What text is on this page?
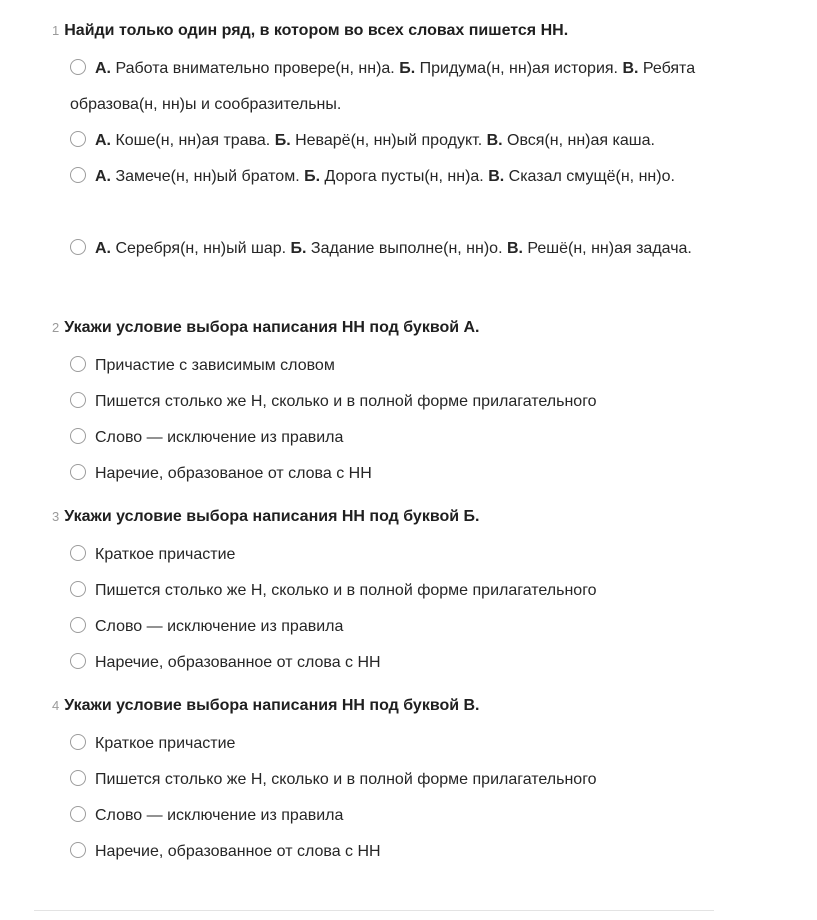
1 Найди только один ряд, в котором во всех словах пишется НН.
А. Работа внимательно провере(н, нн)а. Б. Придума(н, нн)ая история. В. Ребята образова(н, нн)ы и сообразительны.
А. Коше(н, нн)ая трава. Б. Неварё(н, нн)ый продукт. В. Овся(н, нн)ая каша.
А. Замече(н, нн)ый братом. Б. Дорога пусты(н, нн)а. В. Сказал смущё(н, нн)о.
А. Серебря(н, нн)ый шар. Б. Задание выполне(н, нн)о. В. Решё(н, нн)ая задача.
2 Укажи условие выбора написания НН под буквой А.
Причастие с зависимым словом
Пишется столько же Н, сколько и в полной форме прилагательного
Слово — исключение из правила
Наречие, образованое от слова с НН
3 Укажи условие выбора написания НН под буквой Б.
Краткое причастие
Пишется столько же Н, сколько и в полной форме прилагательного
Слово — исключение из правила
Наречие, образованное от слова с НН
4 Укажи условие выбора написания НН под буквой В.
Краткое причастие
Пишется столько же Н, сколько и в полной форме прилагательного
Слово — исключение из правила
Наречие, образованное от слова с НН
